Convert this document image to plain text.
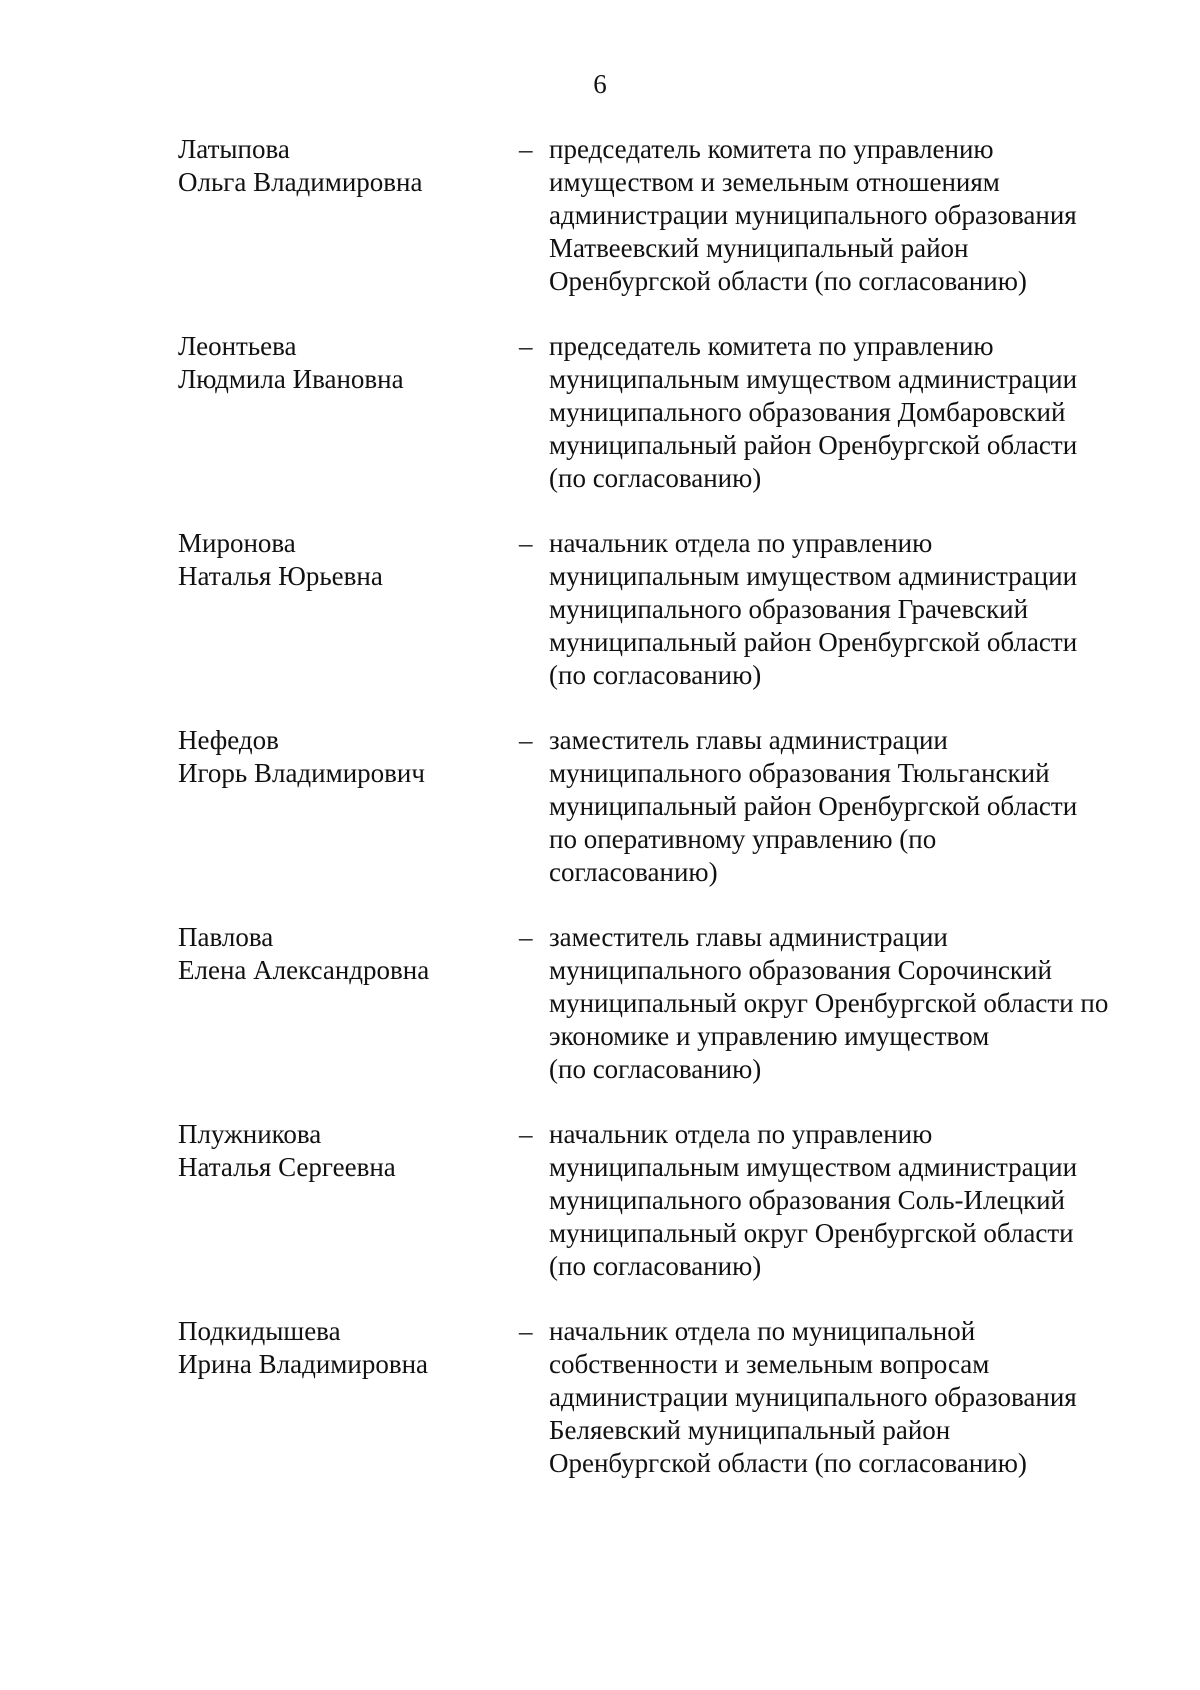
6
Латыпова
Ольга Владимировна
– председатель комитета по управлению
имуществом и земельным отношениям
администрации муниципального образования
Матвеевский муниципальный район
Оренбургской области (по согласованию)
Леонтьева
Людмила Ивановна
– председатель комитета по управлению
муниципальным имуществом администрации
муниципального образования Домбаровский
муниципальный район Оренбургской области
(по согласованию)
Миронова
Наталья Юрьевна
– начальник отдела по управлению
муниципальным имуществом администрации
муниципального образования Грачевский
муниципальный район Оренбургской области
(по согласованию)
Нефедов
Игорь Владимирович
– заместитель главы администрации
муниципального образования Тюльганский
муниципальный район Оренбургской области
по оперативному управлению (по
согласованию)
Павлова
Елена Александровна
– заместитель главы администрации
муниципального образования Сорочинский
муниципальный округ Оренбургской области по
экономике и управлению имуществом
(по согласованию)
Плужникова
Наталья Сергеевна
– начальник отдела по управлению
муниципальным имуществом администрации
муниципального образования Соль-Илецкий
муниципальный округ Оренбургской области
(по согласованию)
Подкидышева
Ирина Владимировна
– начальник отдела по муниципальной
собственности и земельным вопросам
администрации муниципального образования
Беляевский муниципальный район
Оренбургской области (по согласованию)
